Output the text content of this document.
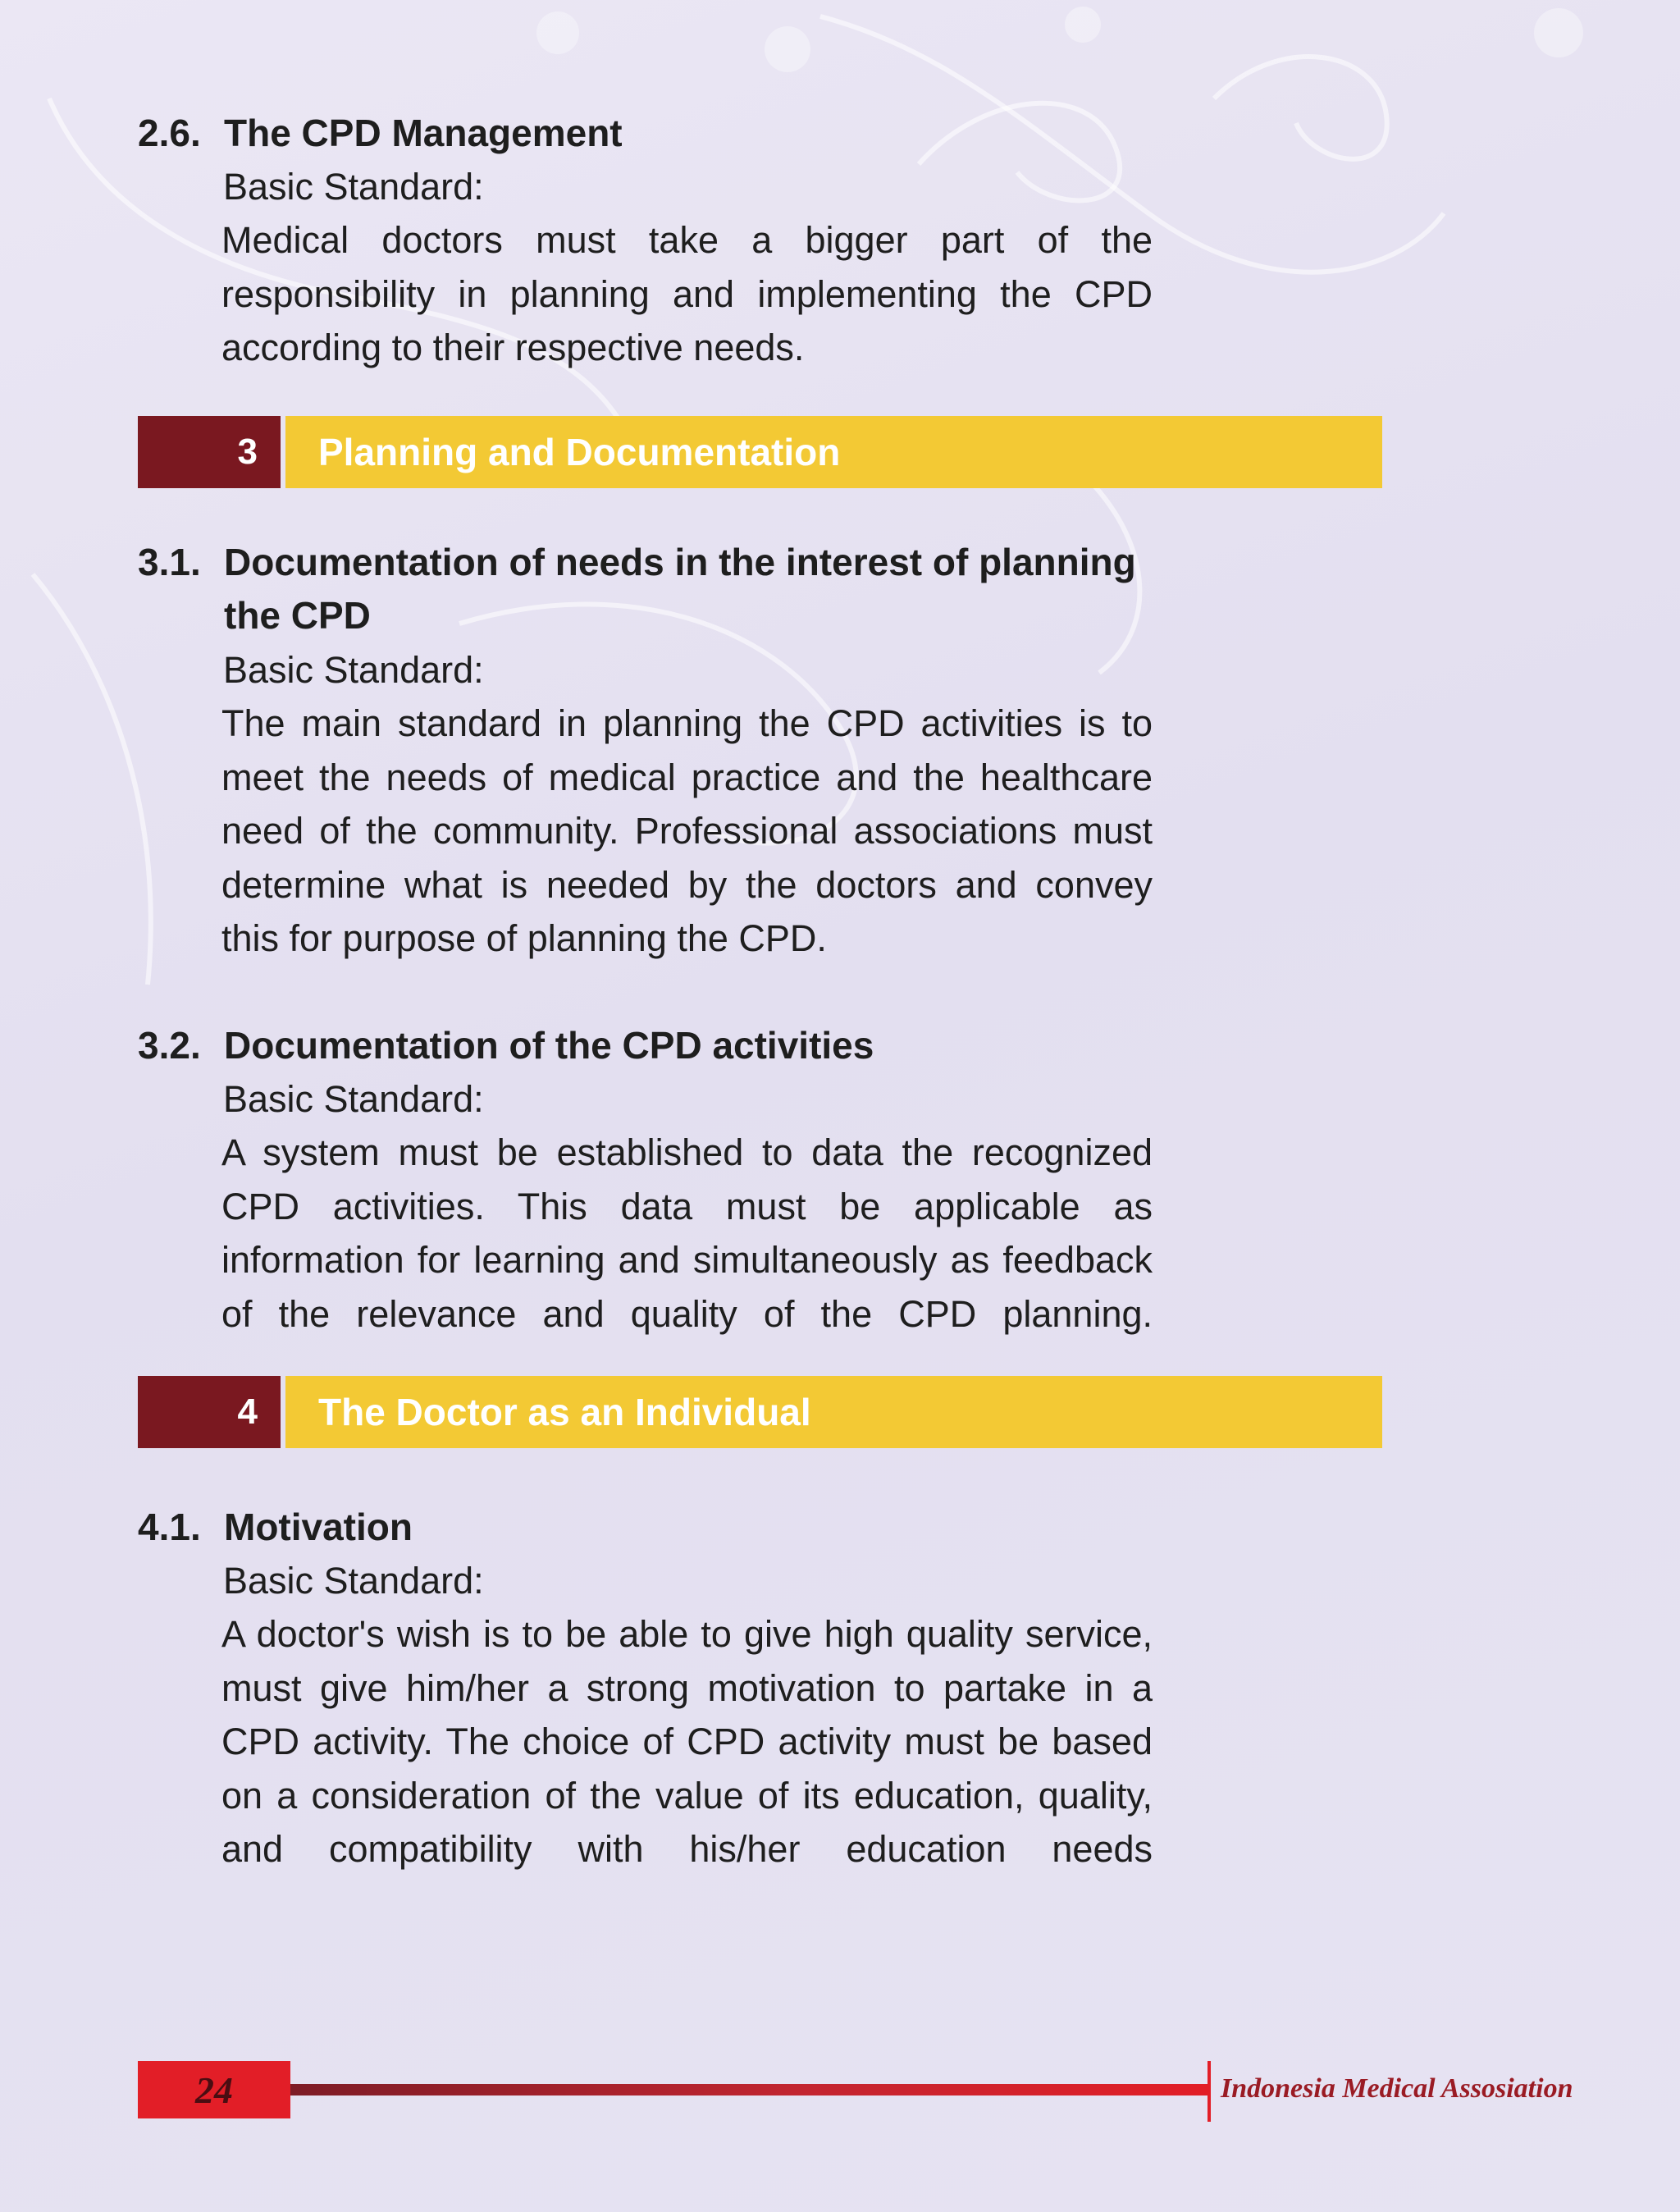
2.6. The CPD Management
Basic Standard:
Medical doctors must take a bigger part of the
responsibility in planning and implementing the CPD
according to their respective needs.
3	Planning and Documentation
3.1. Documentation of needs in the interest of planning
the CPD
Basic Standard:
The main standard in planning the CPD activities is to
meet the needs of medical practice and the healthcare
need of the community. Professional associations must
determine what is needed by the doctors and convey
this for purpose of planning the CPD.
3.2. Documentation of the CPD activities
Basic Standard:
A system must be established to data the recognized
CPD activities. This data must be applicable as
information for learning and simultaneously as feedback
of the relevance and quality of the CPD planning.
4	The Doctor as an Individual
4.1. Motivation
Basic Standard:
A doctor's wish is to be able to give high quality service,
must give him/her a strong motivation to partake in a
CPD activity. The choice of CPD activity must be based
on a consideration of the value of its education, quality,
and compatibility with his/her education needs
24	Indonesia Medical Assosiation
